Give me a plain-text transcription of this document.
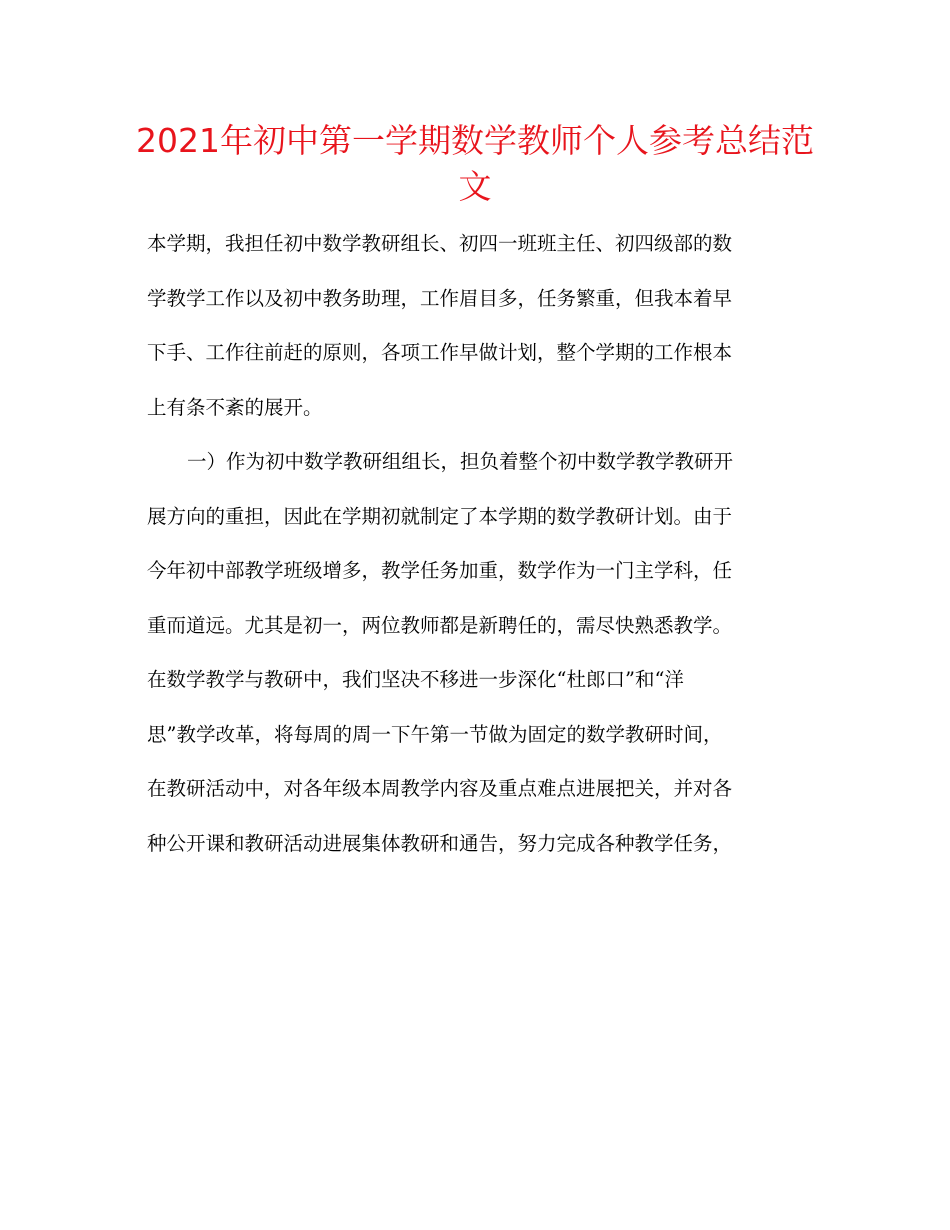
2021年初中第一学期数学教师个人参考总结范文
本学期，我担任初中数学教研组长、初四一班班主任、初四级部的数
学教学工作以及初中教务助理，工作眉目多，任务繁重，但我本着早
下手、工作往前赶的原则，各项工作早做计划，整个学期的工作根本
上有条不紊的展开。
一）作为初中数学教研组组长，担负着整个初中数学教学教研开
展方向的重担，因此在学期初就制定了本学期的数学教研计划。由于
今年初中部教学班级增多，教学任务加重，数学作为一门主学科，任
重而道远。尤其是初一，两位教师都是新聘任的，需尽快熟悉教学。
在数学教学与教研中，我们坚决不移进一步深化“杜郎口”和“洋
思”教学改革，将每周的周一下午第一节做为固定的数学教研时间，
在教研活动中，对各年级本周教学内容及重点难点进展把关，并对各
种公开课和教研活动进展集体教研和通告，努力完成各种教学任务，
